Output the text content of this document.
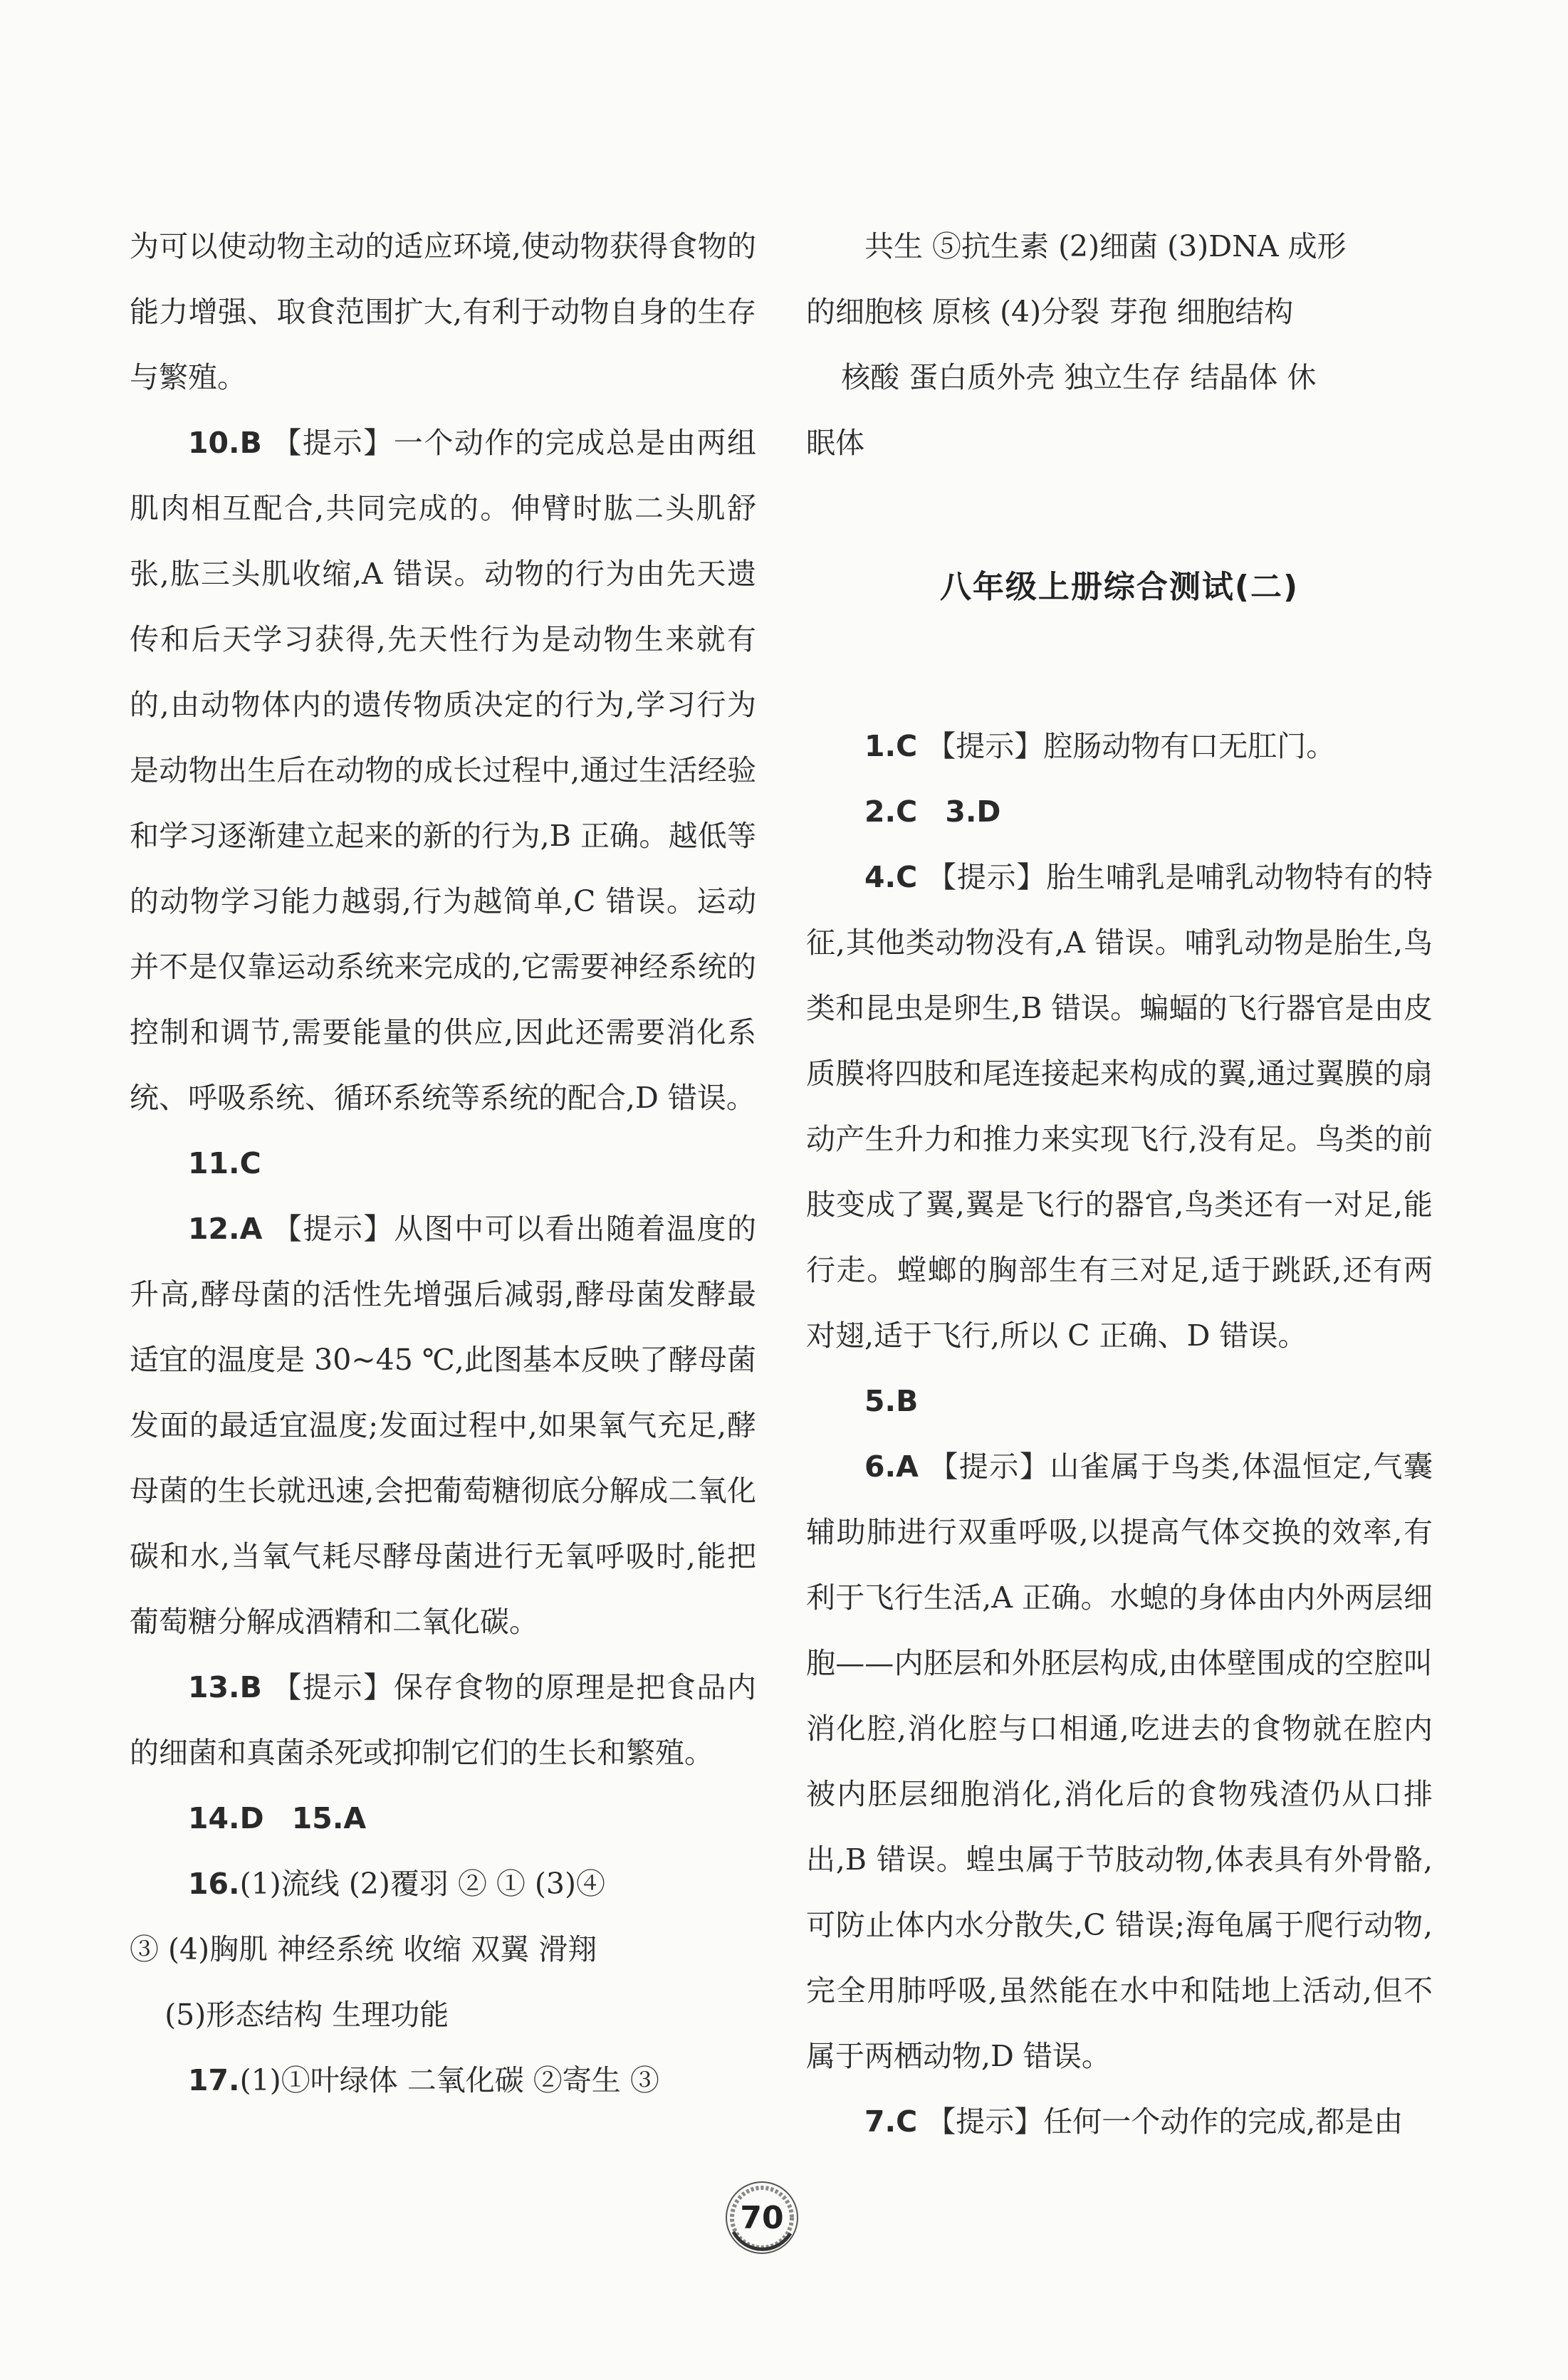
为可以使动物主动的适应环境,使动物获得食物的能力增强、取食范围扩大,有利于动物自身的生存与繁殖。

10.B 【提示】一个动作的完成总是由两组肌肉相互配合,共同完成的。伸臂时肱二头肌舒张,肱三头肌收缩,A 错误。动物的行为由先天遗传和后天学习获得,先天性行为是动物生来就有的,由动物体内的遗传物质决定的行为,学习行为是动物出生后在动物的成长过程中,通过生活经验和学习逐渐建立起来的新的行为,B 正确。越低等的动物学习能力越弱,行为越简单,C 错误。运动并不是仅靠运动系统来完成的,它需要神经系统的控制和调节,需要能量的供应,因此还需要消化系统、呼吸系统、循环系统等系统的配合,D 错误。

11.C

12.A 【提示】从图中可以看出随着温度的升高,酵母菌的活性先增强后减弱,酵母菌发酵最适宜的温度是 30~45 ℃,此图基本反映了酵母菌发面的最适宜温度;发面过程中,如果氧气充足,酵母菌的生长就迅速,会把葡萄糖彻底分解成二氧化碳和水,当氧气耗尽酵母菌进行无氧呼吸时,能把葡萄糖分解成酒精和二氧化碳。

13.B 【提示】保存食物的原理是把食品内的细菌和真菌杀死或抑制它们的生长和繁殖。

14.D 15.A

16.(1)流线 (2)覆羽 ② ① (3)④

③ (4)胸肌 神经系统 收缩 双翼 滑翔

(5)形态结构 生理功能

17.(1)①叶绿体 二氧化碳 ②寄生 ③

共生 ⑤抗生素 (2)细菌 (3)DNA 成形

的细胞核 原核 (4)分裂 芽孢 细胞结构

核酸 蛋白质外壳 独立生存 结晶体 休

眠体

八年级上册综合测试(二)

1.C 【提示】腔肠动物有口无肛门。

2.C 3.D

4.C 【提示】胎生哺乳是哺乳动物特有的特征,其他类动物没有,A 错误。哺乳动物是胎生,鸟类和昆虫是卵生,B 错误。蝙蝠的飞行器官是由皮质膜将四肢和尾连接起来构成的翼,通过翼膜的扇动产生升力和推力来实现飞行,没有足。鸟类的前肢变成了翼,翼是飞行的器官,鸟类还有一对足,能行走。螳螂的胸部生有三对足,适于跳跃,还有两对翅,适于飞行,所以 C 正确、D 错误。

5.B

6.A 【提示】山雀属于鸟类,体温恒定,气囊辅助肺进行双重呼吸,以提高气体交换的效率,有利于飞行生活,A 正确。水螅的身体由内外两层细胞——内胚层和外胚层构成,由体壁围成的空腔叫消化腔,消化腔与口相通,吃进去的食物就在腔内被内胚层细胞消化,消化后的食物残渣仍从口排出,B 错误。蝗虫属于节肢动物,体表具有外骨骼,可防止体内水分散失,C 错误;海龟属于爬行动物,完全用肺呼吸,虽然能在水中和陆地上活动,但不属于两栖动物,D 错误。

7.C 【提示】任何一个动作的完成,都是由

70
